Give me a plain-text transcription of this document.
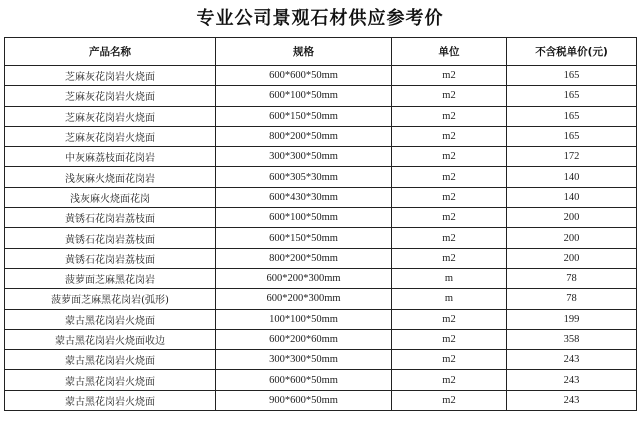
专业公司景观石材供应参考价
产品名称	规格	单位	不含税单价(元)
芝麻灰花岗岩火烧面	600*600*50mm	m2	165
芝麻灰花岗岩火烧面	600*100*50mm	m2	165
芝麻灰花岗岩火烧面	600*150*50mm	m2	165
芝麻灰花岗岩火烧面	800*200*50mm	m2	165
中灰麻荔枝面花岗岩	300*300*50mm	m2	172
浅灰麻火烧面花岗岩	600*305*30mm	m2	140
浅灰麻火烧面花岗	600*430*30mm	m2	140
黄锈石花岗岩荔枝面	600*100*50mm	m2	200
黄锈石花岗岩荔枝面	600*150*50mm	m2	200
黄锈石花岗岩荔枝面	800*200*50mm	m2	200
菠萝面芝麻黑花岗岩	600*200*300mm	m	78
菠萝面芝麻黑花岗岩(弧形)	600*200*300mm	m	78
蒙古黑花岗岩火烧面	100*100*50mm	m2	199
蒙古黑花岗岩火烧面收边	600*200*60mm	m2	358
蒙古黑花岗岩火烧面	300*300*50mm	m2	243
蒙古黑花岗岩火烧面	600*600*50mm	m2	243
蒙古黑花岗岩火烧面	900*600*50mm	m2	243
